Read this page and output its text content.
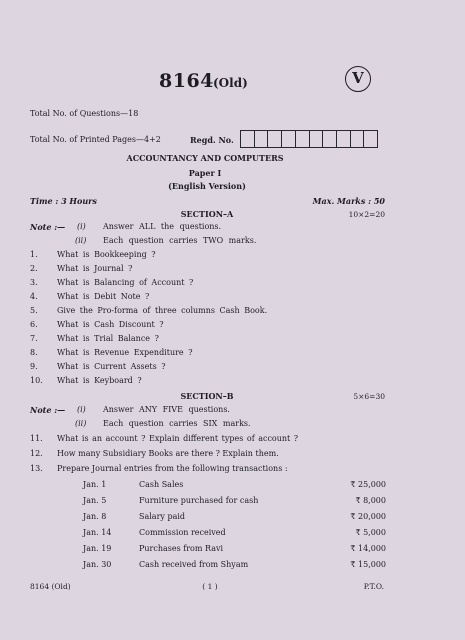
8164 (Old)	V
Total No. of Questions—18
Total No. of Printed Pages—4+2	Regd. No.
ACCOUNTANCY AND COMPUTERS
Paper I
(English Version)
Time : 3 Hours	Max. Marks : 50
SECTION–A	10×2=20
Note :— (i) Answer ALL the questions.
(ii) Each question carries TWO marks.
1. What is Bookkeeping ?
2. What is Journal ?
3. What is Balancing of Account ?
4. What is Debit Note ?
5. Give the Pro-forma of three columns Cash Book.
6. What is Cash Discount ?
7. What is Trial Balance ?
8. What is Revenue Expenditure ?
9. What is Current Assets ?
10. What is Keyboard ?
SECTION–B	5×6=30
Note :— (i) Answer ANY FIVE questions.
(ii) Each question carries SIX marks.
11. What is an account ? Explain different types of account ?
12. How many Subsidiary Books are there ? Explain them.
13. Prepare Journal entries from the following transactions :
Jan. 1	Cash Sales	₹ 25,000
Jan. 5	Furniture purchased for cash	₹ 8,000
Jan. 8	Salary paid	₹ 20,000
Jan. 14	Commission received	₹ 5,000
Jan. 19	Purchases from Ravi	₹ 14,000
Jan. 30	Cash received from Shyam	₹ 15,000
8164 (Old)	( 1 )	P.T.O.
